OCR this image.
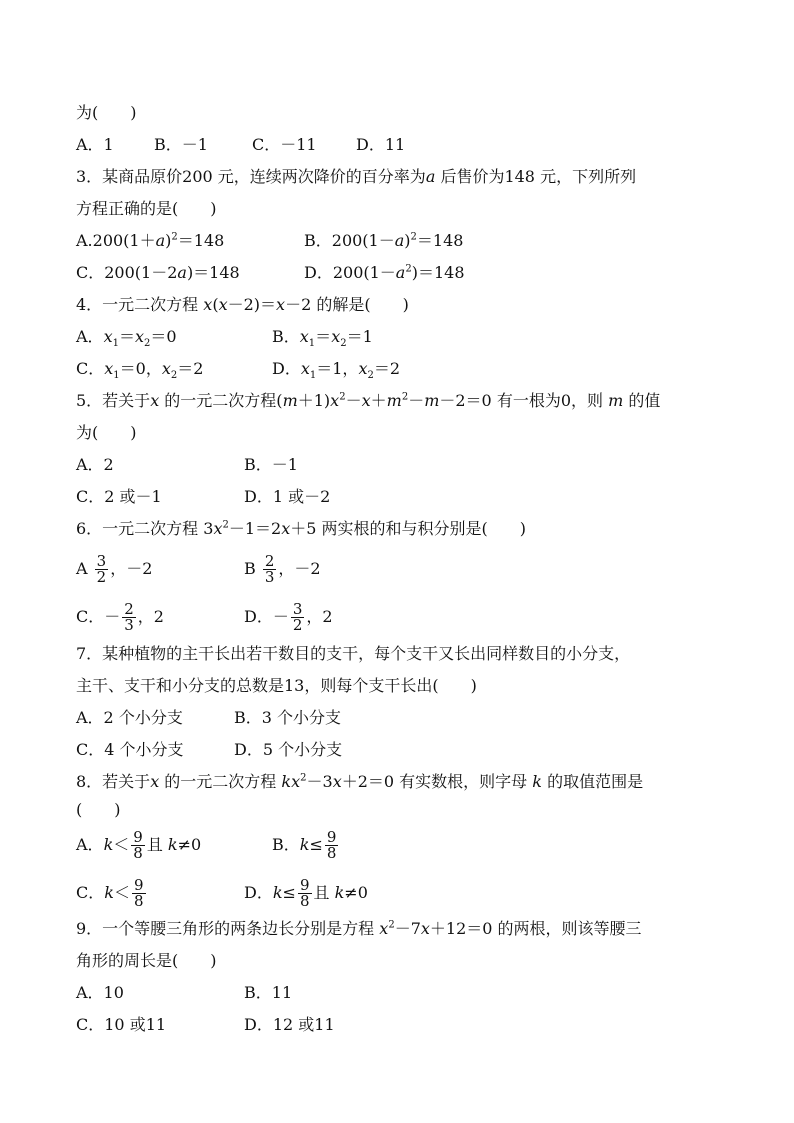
为(　　)
A．1	B．－1	C．－11 D．11
3．某商品原价200 元，连续两次降价的百分率为a 后售价为148 元，下列所列
方程正确的是(　　)
$A.200(1+a)^2=148$	B．$200(1-a)^2=148$
C．200(1－2a)＝148	D．$200(1-a^2)=148$
4．一元二次方程 x(x－2)＝x－2 的解是(　　)
A．$x_1=x_2=0$	B．$x_1=x_2=1$
C．$x_1=0$，$x_2=2$	D．$x_1=1$，$x_2=2$
5．若关于x 的一元二次方程$(m+1)x^2-x+m^2-m-2=0$ 有一根为0，则 m 的值
为(　　)
A．2	B．－1
C．2 或－1	D．1 或－2
6．一元二次方程 $3x^2-1=2x+5$ 两实根的和与积分别是(　　)
A $\frac{3}{2}$ ，－2	B $\frac{2}{3}$ ，－2
C．－ $\frac{2}{3}$ ，2	D．－ $\frac{3}{2}$ ，2
7．某种植物的主干长出若干数目的支干，每个支干又长出同样数目的小分支，
主干、支干和小分支的总数是13，则每个支干长出(　　)
A．2 个小分支	B．3 个小分支
C．4 个小分支	D．5 个小分支
8．若关于x 的一元二次方程 $kx^2-3x+2=0$ 有实数根，则字母 k 的取值范围是
(　　)
A．$k< \frac{9}{8}$ 且 k≠0	B．$k\le \frac{9}{8}$
C．$k< \frac{9}{8}$	D．$k\le \frac{9}{8}$ 且 k≠0
9．一个等腰三角形的两条边长分别是方程 $x^2-7x+12=0$ 的两根，则该等腰三
角形的周长是(　　)
A．10	B．11
C．10 或11	D．12 或11
